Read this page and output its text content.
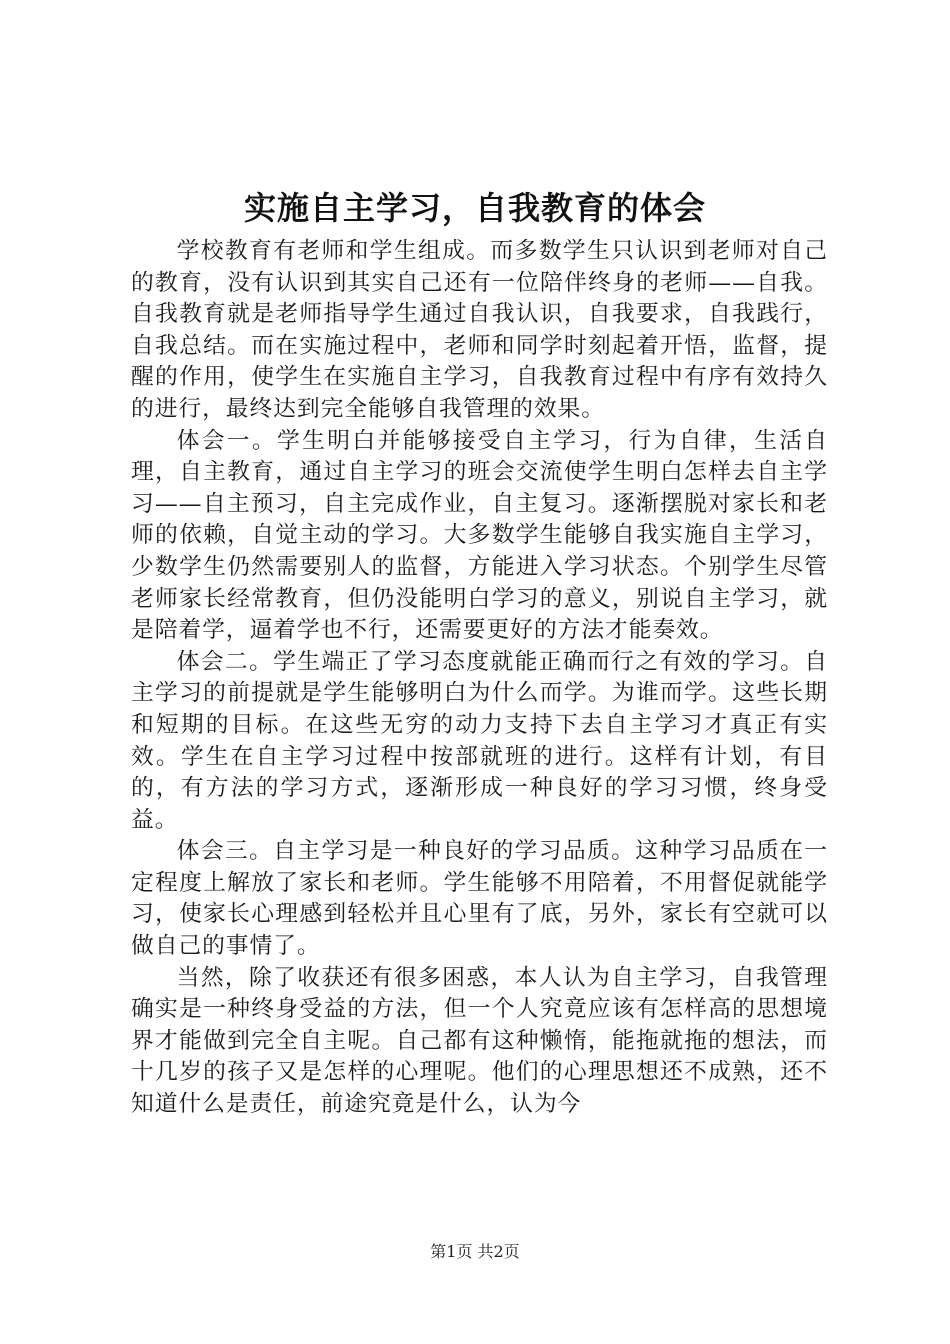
实施自主学习，自我教育的体会

学校教育有老师和学生组成。而多数学生只认识到老师对自己的教育，没有认识到其实自己还有一位陪伴终身的老师——自我。自我教育就是老师指导学生通过自我认识，自我要求，自我践行，自我总结。而在实施过程中，老师和同学时刻起着开悟，监督，提醒的作用，使学生在实施自主学习，自我教育过程中有序有效持久的进行，最终达到完全能够自我管理的效果。

体会一。学生明白并能够接受自主学习，行为自律，生活自理，自主教育，通过自主学习的班会交流使学生明白怎样去自主学习——自主预习，自主完成作业，自主复习。逐渐摆脱对家长和老师的依赖，自觉主动的学习。大多数学生能够自我实施自主学习，少数学生仍然需要别人的监督，方能进入学习状态。个别学生尽管老师家长经常教育，但仍没能明白学习的意义，别说自主学习，就是陪着学，逼着学也不行，还需要更好的方法才能奏效。

体会二。学生端正了学习态度就能正确而行之有效的学习。自主学习的前提就是学生能够明白为什么而学。为谁而学。这些长期和短期的目标。在这些无穷的动力支持下去自主学习才真正有实效。学生在自主学习过程中按部就班的进行。这样有计划，有目的，有方法的学习方式，逐渐形成一种良好的学习习惯，终身受益。

体会三。自主学习是一种良好的学习品质。这种学习品质在一定程度上解放了家长和老师。学生能够不用陪着，不用督促就能学习，使家长心理感到轻松并且心里有了底，另外，家长有空就可以做自己的事情了。

当然，除了收获还有很多困惑，本人认为自主学习，自我管理确实是一种终身受益的方法，但一个人究竟应该有怎样高的思想境界才能做到完全自主呢。自己都有这种懒惰，能拖就拖的想法，而十几岁的孩子又是怎样的心理呢。他们的心理思想还不成熟，还不知道什么是责任，前途究竟是什么，认为今

第1页 共2页
